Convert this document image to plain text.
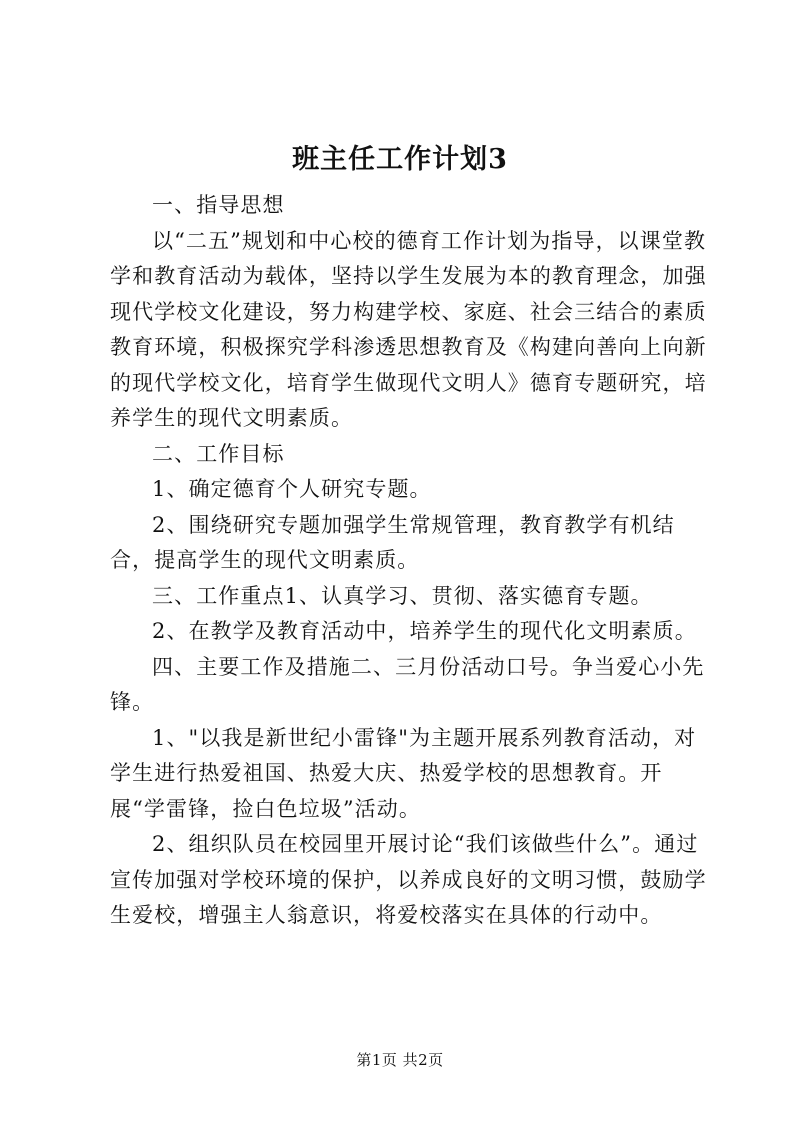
班主任工作计划3

一、指导思想

以“二五”规划和中心校的德育工作计划为指导，以课堂教学和教育活动为载体，坚持以学生发展为本的教育理念，加强现代学校文化建设，努力构建学校、家庭、社会三结合的素质教育环境，积极探究学科渗透思想教育及《构建向善向上向新的现代学校文化，培育学生做现代文明人》德育专题研究，培养学生的现代文明素质。

二、工作目标

1、确定德育个人研究专题。

2、围绕研究专题加强学生常规管理，教育教学有机结合，提高学生的现代文明素质。

三、工作重点1、认真学习、贯彻、落实德育专题。

2、在教学及教育活动中，培养学生的现代化文明素质。

四、主要工作及措施二、三月份活动口号。争当爱心小先锋。

1、"以我是新世纪小雷锋"为主题开展系列教育活动，对学生进行热爱祖国、热爱大庆、热爱学校的思想教育。开展“学雷锋，捡白色垃圾”活动。

2、组织队员在校园里开展讨论“我们该做些什么”。通过宣传加强对学校环境的保护，以养成良好的文明习惯，鼓励学生爱校，增强主人翁意识，将爱校落实在具体的行动中。

第1页 共2页
